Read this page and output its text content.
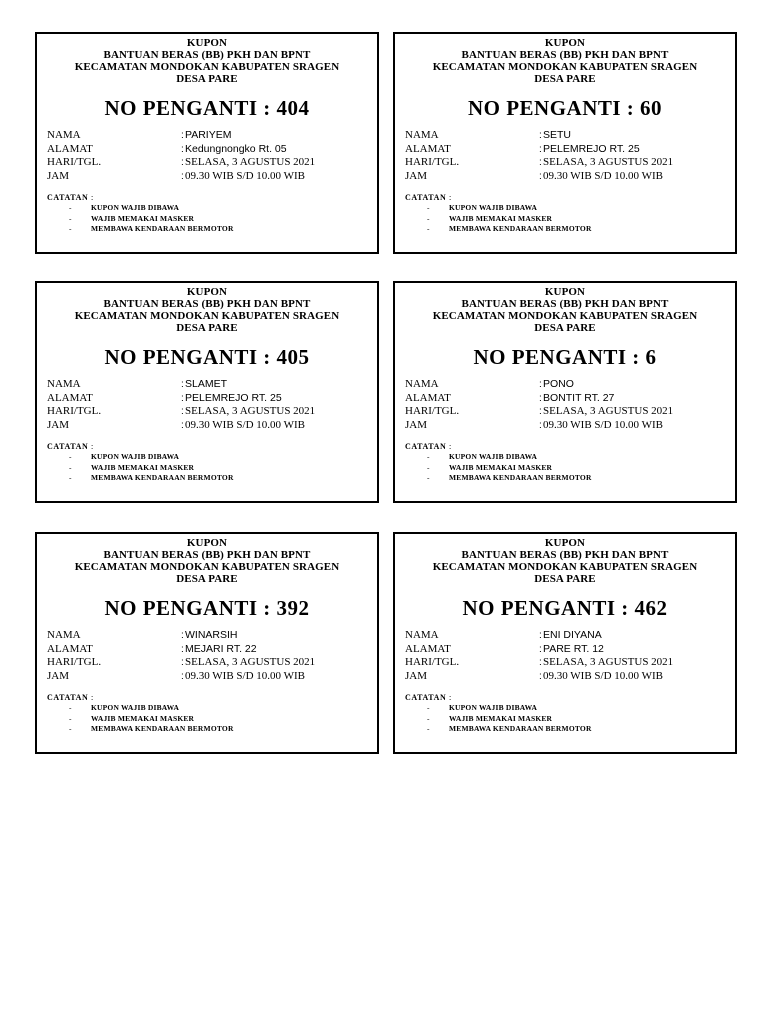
KUPON
BANTUAN BERAS (BB) PKH DAN BPNT
KECAMATAN MONDOKAN KABUPATEN SRAGEN
DESA PARE
NO PENGANTI : 404
NAMA	: PARIYEM
ALAMAT	: Kedungnongko Rt. 05
HARI/TGL.	: SELASA, 3 AGUSTUS 2021
JAM	: 09.30 WIB S/D 10.00 WIB
CATATAN :
-	KUPON WAJIB DIBAWA
-	WAJIB MEMAKAI MASKER
-	MEMBAWA KENDARAAN BERMOTOR
KUPON
BANTUAN BERAS (BB) PKH DAN BPNT
KECAMATAN MONDOKAN KABUPATEN SRAGEN
DESA PARE
NO PENGANTI : 60
NAMA	: SETU
ALAMAT	: PELEMREJO RT. 25
HARI/TGL.	: SELASA, 3 AGUSTUS 2021
JAM	: 09.30 WIB S/D 10.00 WIB
CATATAN :
-	KUPON WAJIB DIBAWA
-	WAJIB MEMAKAI MASKER
-	MEMBAWA KENDARAAN BERMOTOR
KUPON
BANTUAN BERAS (BB) PKH DAN BPNT
KECAMATAN MONDOKAN KABUPATEN SRAGEN
DESA PARE
NO PENGANTI : 405
NAMA	: SLAMET
ALAMAT	: PELEMREJO RT. 25
HARI/TGL.	: SELASA, 3 AGUSTUS 2021
JAM	: 09.30 WIB S/D 10.00 WIB
CATATAN :
-	KUPON WAJIB DIBAWA
-	WAJIB MEMAKAI MASKER
-	MEMBAWA KENDARAAN BERMOTOR
KUPON
BANTUAN BERAS (BB) PKH DAN BPNT
KECAMATAN MONDOKAN KABUPATEN SRAGEN
DESA PARE
NO PENGANTI : 6
NAMA	: PONO
ALAMAT	: BONTIT RT. 27
HARI/TGL.	: SELASA, 3 AGUSTUS 2021
JAM	: 09.30 WIB S/D 10.00 WIB
CATATAN :
-	KUPON WAJIB DIBAWA
-	WAJIB MEMAKAI MASKER
-	MEMBAWA KENDARAAN BERMOTOR
KUPON
BANTUAN BERAS (BB) PKH DAN BPNT
KECAMATAN MONDOKAN KABUPATEN SRAGEN
DESA PARE
NO PENGANTI : 392
NAMA	: WINARSIH
ALAMAT	: MEJARI RT. 22
HARI/TGL.	: SELASA, 3 AGUSTUS 2021
JAM	: 09.30 WIB S/D 10.00 WIB
CATATAN :
-	KUPON WAJIB DIBAWA
-	WAJIB MEMAKAI MASKER
-	MEMBAWA KENDARAAN BERMOTOR
KUPON
BANTUAN BERAS (BB) PKH DAN BPNT
KECAMATAN MONDOKAN KABUPATEN SRAGEN
DESA PARE
NO PENGANTI : 462
NAMA	: ENI DIYANA
ALAMAT	: PARE RT. 12
HARI/TGL.	: SELASA, 3 AGUSTUS 2021
JAM	: 09.30 WIB S/D 10.00 WIB
CATATAN :
-	KUPON WAJIB DIBAWA
-	WAJIB MEMAKAI MASKER
-	MEMBAWA KENDARAAN BERMOTOR
